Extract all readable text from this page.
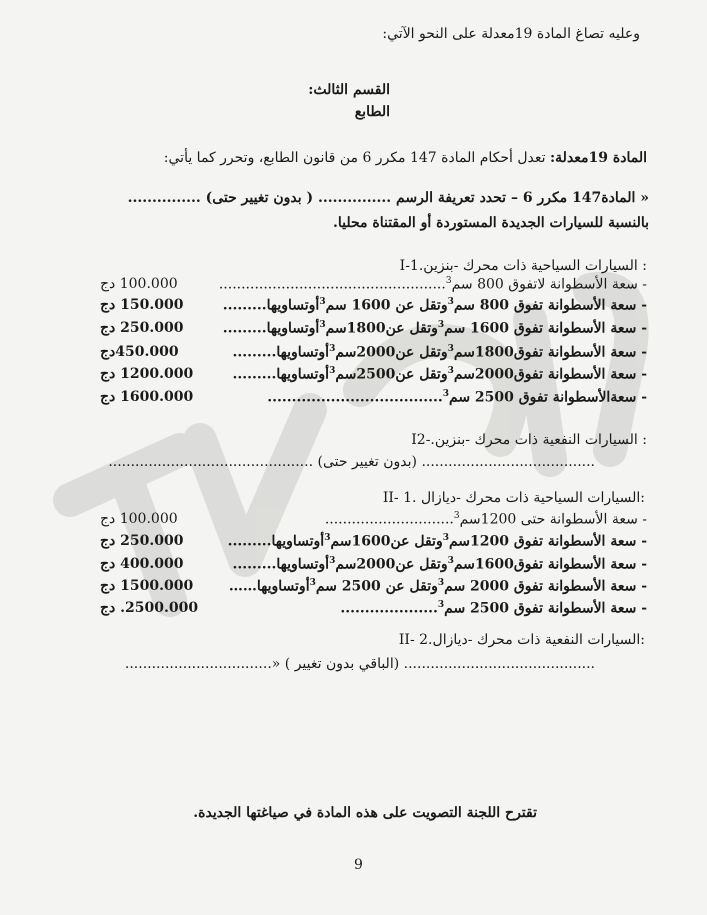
وعليه تصاغ المادة 19معدلة على النحو الآتي:
القسم الثالث:
الطابع
المادة 19معدلة: تعدل أحكام المادة 147 مكرر 6 من قانون الطابع، وتحرر كما يأتي:
« المادة147 مكرر 6 – تحدد تعريفة الرسم ............... ( بدون تغيير حتى) ...............
بالنسبة للسيارات الجديدة المستوردة أو المقتناة محليا.
I-1.السيارات السياحية ذات محرك -بنزين :
- سعة الأسطوانة لاتفوق 800 سم$^3$...................................................
100.000 دج
- سعة الأسطوانة تفوق 800 سم$^3$وتقل عن 1600 سم$^3$أوتساويها.........
150.000 دج
- سعة الأسطوانة تفوق 1600 سم$^3$وتقل عن1800سم$^3$أوتساويها.........
250.000 دج
- سعة الأسطوانة تفوق1800سم$^3$وتقل عن2000سم$^3$أوتساويها.........
450.000دج
- سعة الأسطوانة تفوق2000سم$^3$وتقل عن2500سم$^3$أوتساويها.........
1200.000 دج
- سعةالأسطوانة تفوق 2500 سم$^3$....................................
1600.000 دج
I2-.السيارات النفعية ذات محرك -بنزين :
....................................... (بدون تغيير حتى) ..............................................
II- 1. السيارات السياحية ذات محرك -ديازال:
- سعة الأسطوانة حتى 1200سم$^3$.............................
100.000 دج
- سعة الأسطوانة تفوق 1200سم$^3$وتقل عن1600سم$^3$أوتساويها.........
250.000 دج
- سعة الأسطوانة تفوق1600سم$^3$وتقل عن2000سم$^3$أوتساويها.........
400.000 دج
- سعة الأسطوانة تفوق 2000 سم$^3$وتقل عن 2500 سم$^3$أوتساويها……
1500.000 دج
- سعة الأسطوانة تفوق 2500 سم$^3$....................
2500.000. دج
II- 2.السيارات النفعية ذات محرك -ديازال:
........................................... (الباقي بدون تغيير ) «.................................
تقترح اللجنة التصويت على هذه المادة في صياغتها الجديدة.
9
